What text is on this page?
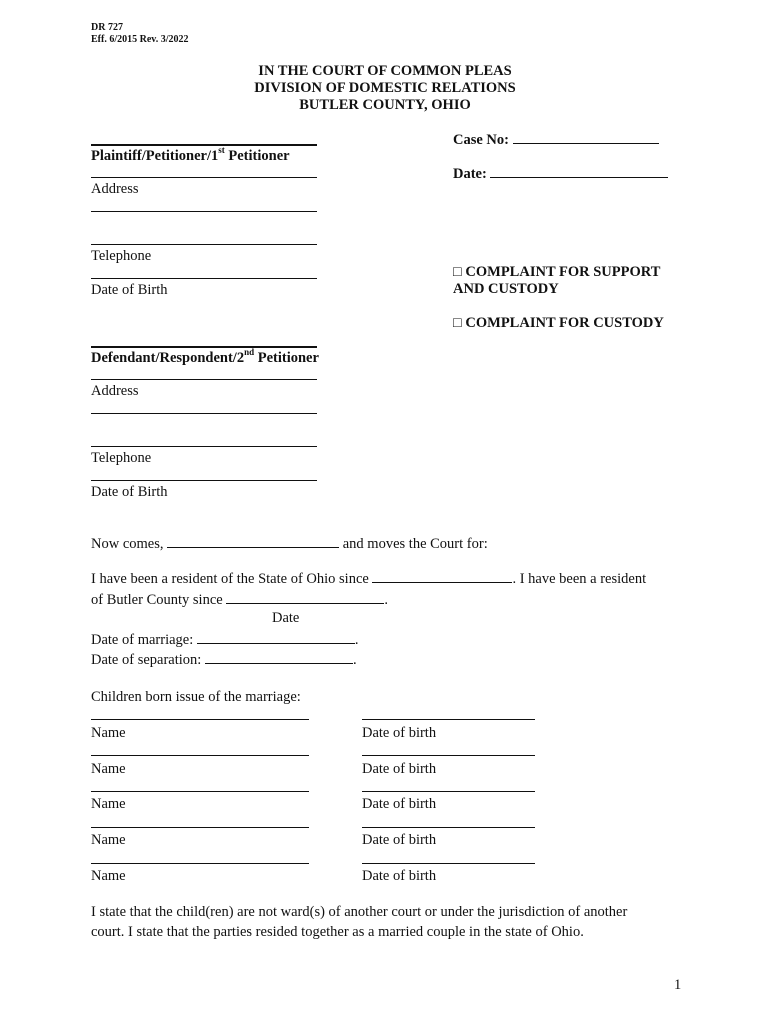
DR 727
Eff. 6/2015 Rev. 3/2022
IN THE COURT OF COMMON PLEAS
DIVISION OF DOMESTIC RELATIONS
BUTLER COUNTY, OHIO
Plaintiff/Petitioner/1st Petitioner
Address
Telephone
Date of Birth
Case No:
Date:
□ COMPLAINT FOR SUPPORT
AND CUSTODY
□ COMPLAINT FOR CUSTODY
Defendant/Respondent/2nd Petitioner
Address
Telephone
Date of Birth
Now comes,	and moves the Court for:
I have been a resident of the State of Ohio since	. I have been a resident
of Butler County since	.
Date
Date of marriage:	.
Date of separation:	.
Children born issue of the marriage:
Name	Date of birth
Name	Date of birth
Name	Date of birth
Name	Date of birth
Name	Date of birth
I state that the child(ren) are not ward(s) of another court or under the jurisdiction of another
court. I state that the parties resided together as a married couple in the state of Ohio.
1
